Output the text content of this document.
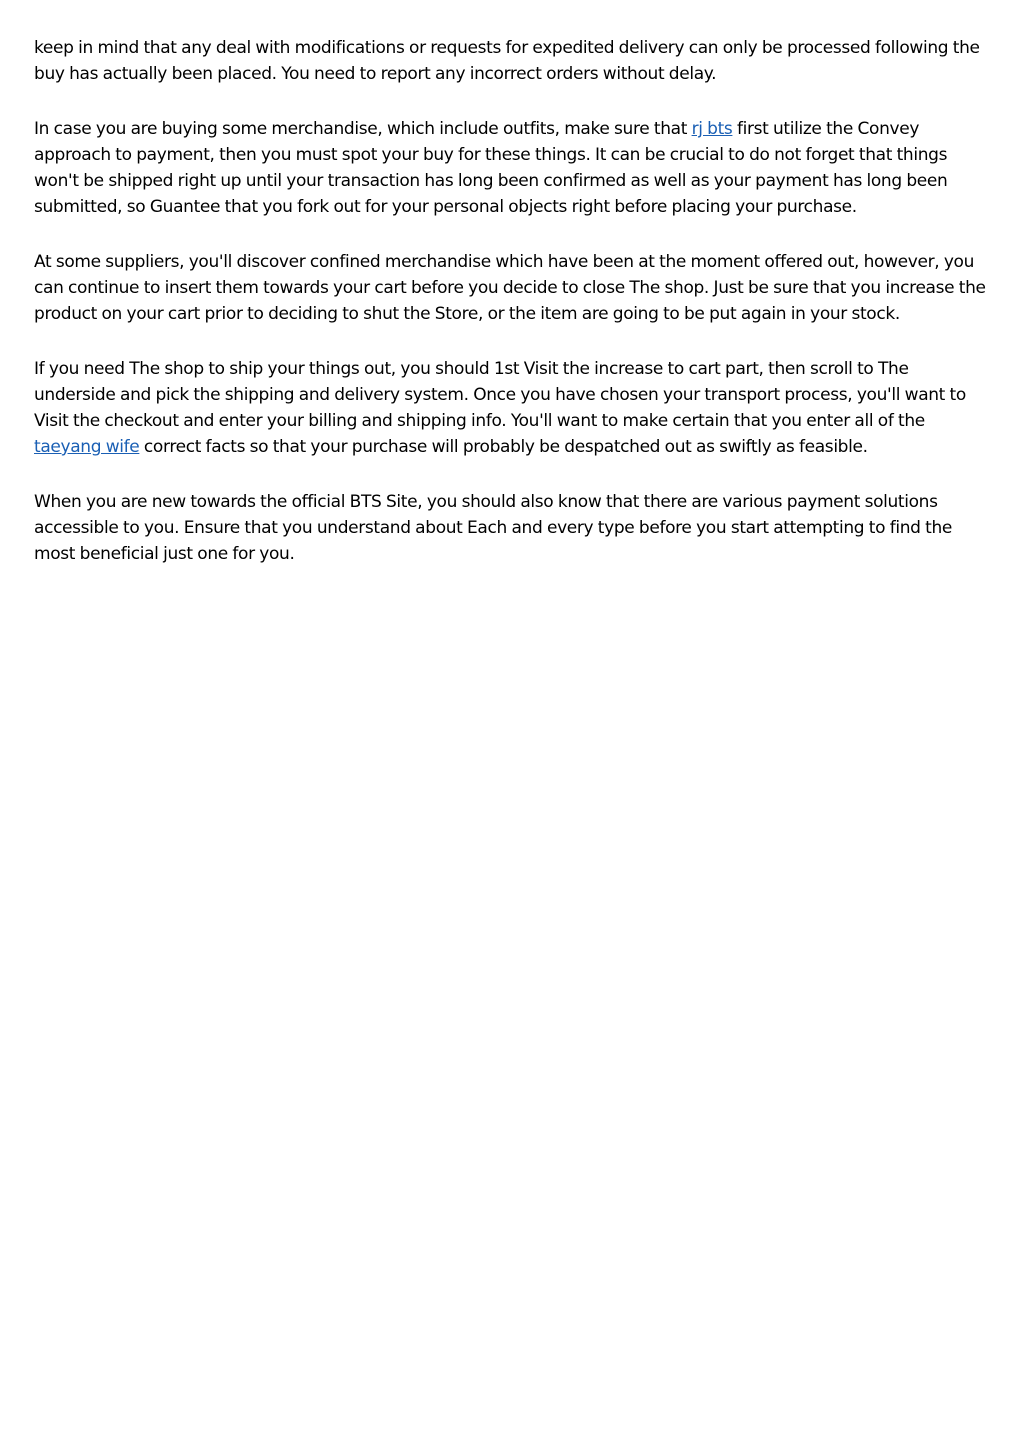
keep in mind that any deal with modifications or requests for expedited delivery can only be processed following the buy has actually been placed. You need to report any incorrect orders without delay.

In case you are buying some merchandise, which include outfits, make sure that rj bts first utilize the Convey approach to payment, then you must spot your buy for these things. It can be crucial to do not forget that things won't be shipped right up until your transaction has long been confirmed as well as your payment has long been submitted, so Guantee that you fork out for your personal objects right before placing your purchase.

At some suppliers, you'll discover confined merchandise which have been at the moment offered out, however, you can continue to insert them towards your cart before you decide to close The shop. Just be sure that you increase the product on your cart prior to deciding to shut the Store, or the item are going to be put again in your stock.

If you need The shop to ship your things out, you should 1st Visit the increase to cart part, then scroll to The underside and pick the shipping and delivery system. Once you have chosen your transport process, you'll want to Visit the checkout and enter your billing and shipping info. You'll want to make certain that you enter all of the taeyang wife correct facts so that your purchase will probably be despatched out as swiftly as feasible.

When you are new towards the official BTS Site, you should also know that there are various payment solutions accessible to you. Ensure that you understand about Each and every type before you start attempting to find the most beneficial just one for you.
